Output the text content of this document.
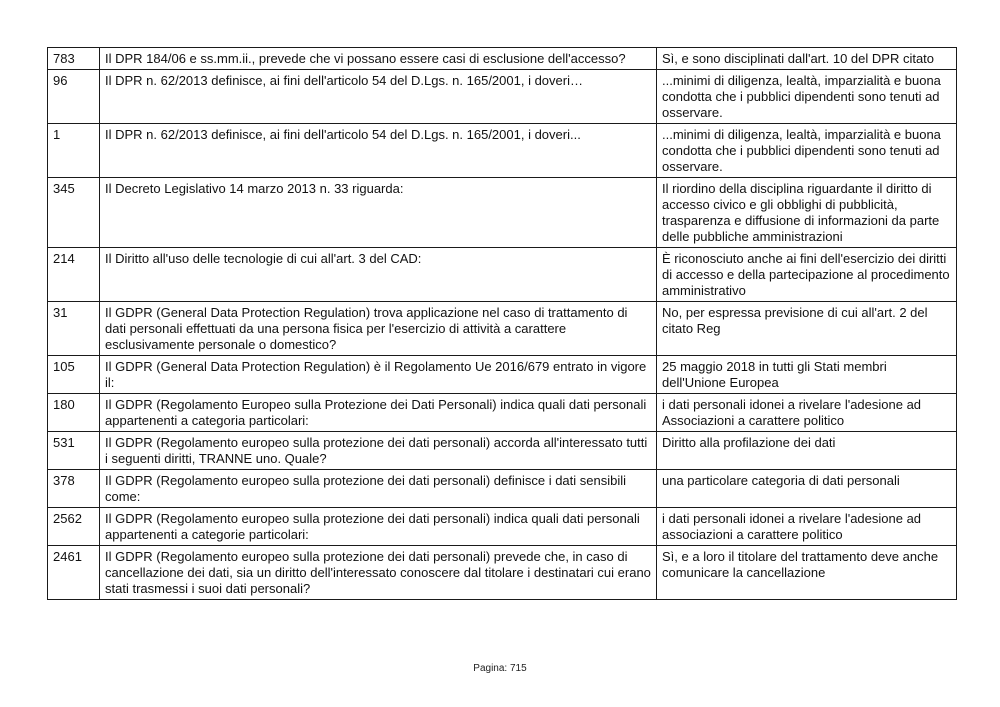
783	Il DPR 184/06 e ss.mm.ii., prevede che vi possano essere casi di esclusione dell'accesso?	Sì, e sono disciplinati dall'art. 10 del DPR citato
96	Il DPR n. 62/2013 definisce, ai fini dell'articolo 54 del D.Lgs. n. 165/2001, i doveri…	...minimi di diligenza, lealtà, imparzialità e buona condotta che i pubblici dipendenti sono tenuti ad osservare.
1	Il DPR n. 62/2013 definisce, ai fini dell'articolo 54 del D.Lgs. n. 165/2001, i doveri...	...minimi di diligenza, lealtà, imparzialità e buona condotta che i pubblici dipendenti sono tenuti ad osservare.
345	Il Decreto Legislativo 14 marzo 2013 n. 33 riguarda:	Il riordino della disciplina riguardante il diritto di accesso civico e gli obblighi di pubblicità, trasparenza e diffusione di informazioni da parte delle pubbliche amministrazioni
214	Il Diritto all'uso delle tecnologie di cui all'art. 3 del CAD:	È riconosciuto anche ai fini dell'esercizio dei diritti di accesso e della partecipazione al procedimento amministrativo
31	Il GDPR (General Data Protection Regulation) trova applicazione nel caso di trattamento di dati personali effettuati da una persona fisica per l'esercizio di attività a carattere esclusivamente personale o domestico?	No, per espressa previsione di cui all'art. 2 del citato Reg
105	Il GDPR (General Data Protection Regulation) è il Regolamento Ue 2016/679 entrato in vigore il:	25 maggio 2018 in tutti gli Stati membri dell'Unione Europea
180	Il GDPR (Regolamento Europeo sulla Protezione dei Dati Personali) indica quali dati personali appartenenti a categoria particolari:	i dati personali idonei a rivelare l'adesione ad Associazioni a carattere politico
531	Il GDPR (Regolamento europeo sulla protezione dei dati personali) accorda all'interessato tutti i seguenti diritti, TRANNE uno. Quale?	Diritto alla profilazione dei dati
378	Il GDPR (Regolamento europeo sulla protezione dei dati personali) definisce i dati sensibili come:	una particolare categoria di dati personali
2562	Il GDPR (Regolamento europeo sulla protezione dei dati personali) indica quali dati personali appartenenti a categorie particolari:	i dati personali idonei a rivelare l'adesione ad associazioni a carattere politico
2461	Il GDPR (Regolamento europeo sulla protezione dei dati personali) prevede che, in caso di cancellazione dei dati, sia un diritto dell'interessato conoscere dal titolare i destinatari cui erano stati trasmessi i suoi dati personali?	Sì, e a loro il titolare del trattamento deve anche comunicare la cancellazione
Pagina: 715
